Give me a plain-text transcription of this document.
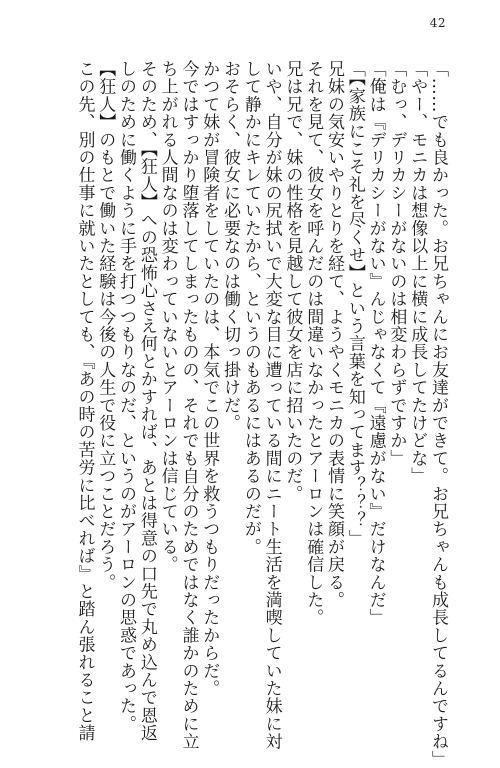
42
「……でも良かった。お兄ちゃんにお友達ができて。お兄ちゃんも成長してるんですね」
「やー、モニカは想像以上に横に成長してたけどな」
「むっ、デリカシーがないのは相変わらずですか」
「俺は『デリカシーがない』んじゃなくて『遠慮がない』だけなんだ」
「【家族にこそ礼を尽くせ】という言葉を知ってます？？？」
兄妹の気安いやりとりを経て、ようやくモニカの表情に笑顔が戻る。
それを見て、彼女を呼んだのは間違いなかったとアーロンは確信した。
兄は兄で、妹の性格を見越して彼女を店に招いたのだ。
いや、自分が妹の尻拭いで大変な目に遭っている間にニート生活を満喫していた妹に対
して静かにキレていたから、というのもあるにはあるのだが。
おそらく、彼女に必要なのは働く切っ掛けだ。
かつて妹が冒険者をしていたのは、本気でこの世界を救うつもりだったからだ。
今ではすっかり堕落してしまったものの、それでも自分のためではなく誰かのために立
ち上がれる人間なのは変わっていないとアーロンは信じている。
そのため、【狂人】への恐怖心さえ何とかすれば、あとは得意の口先で丸め込んで恩返
しのために働くように手を打つつもりなのだ、というのがアーロンの思惑であった。
【狂人】のもとで働いた経験は今後の人生で役に立つことだろう。
この先、別の仕事に就いたとしても、『あの時の苦労に比べれば』と踏ん張れること請
